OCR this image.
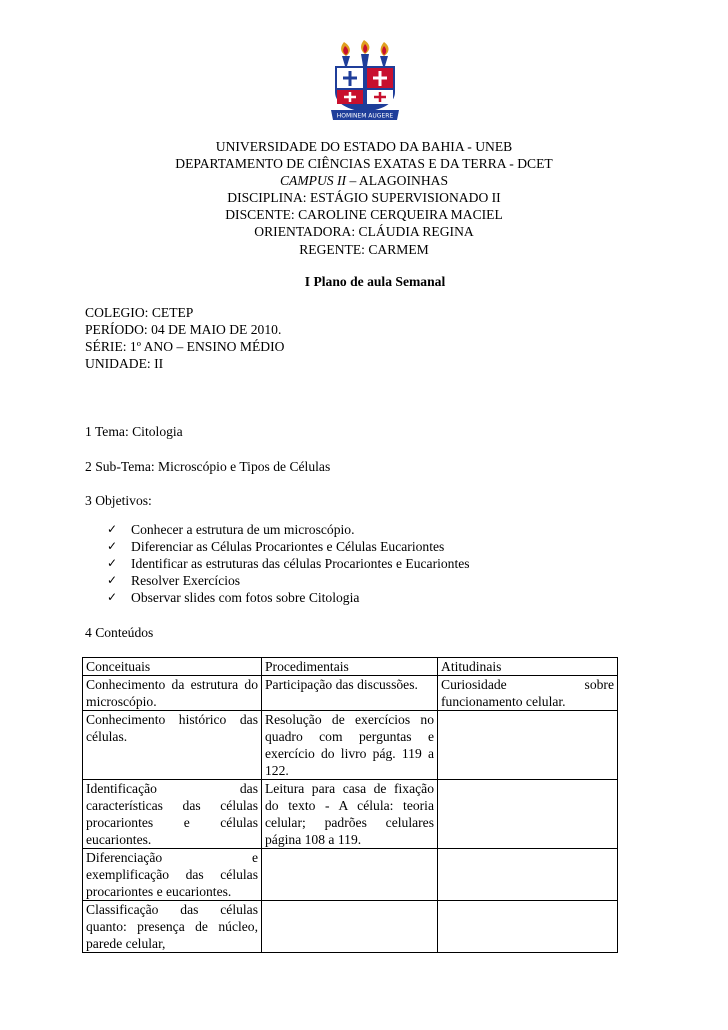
HOMINEM AUGERE
UNIVERSIDADE DO ESTADO DA BAHIA - UNEB
DEPARTAMENTO DE CIÊNCIAS EXATAS E DA TERRA - DCET
CAMPUS II – ALAGOINHAS
DISCIPLINA: ESTÁGIO SUPERVISIONADO II
DISCENTE: CAROLINE CERQUEIRA MACIEL
ORIENTADORA: CLÁUDIA REGINA
REGENTE: CARMEM
I Plano de aula Semanal
COLEGIO: CETEP
PERÍODO: 04 DE MAIO DE 2010.
SÉRIE: 1º ANO – ENSINO MÉDIO
UNIDADE: II
1 Tema: Citologia
2 Sub-Tema: Microscópio e Tipos de Células
3 Objetivos:
✓ Conhecer a estrutura de um microscópio.
✓ Diferenciar as Células Procariontes e Células Eucariontes
✓ Identificar as estruturas das células Procariontes e Eucariontes
✓ Resolver Exercícios
✓ Observar slides com fotos sobre Citologia
4 Conteúdos
Conceituais	Procedimentais	Atitudinais
Conhecimento da estrutura do microscópio.	Participação das discussões.	Curiosidade sobre funcionamento celular.
Conhecimento histórico das células.	Resolução de exercícios no quadro com perguntas e exercício do livro pág. 119 a 122.	
Identificação das características das células procariontes e células eucariontes.	Leitura para casa de fixação do texto - A célula: teoria celular; padrões celulares página 108 a 119.	
Diferenciação e exemplificação das células procariontes e eucariontes.		
Classificação das células quanto: presença de núcleo, parede celular,		
